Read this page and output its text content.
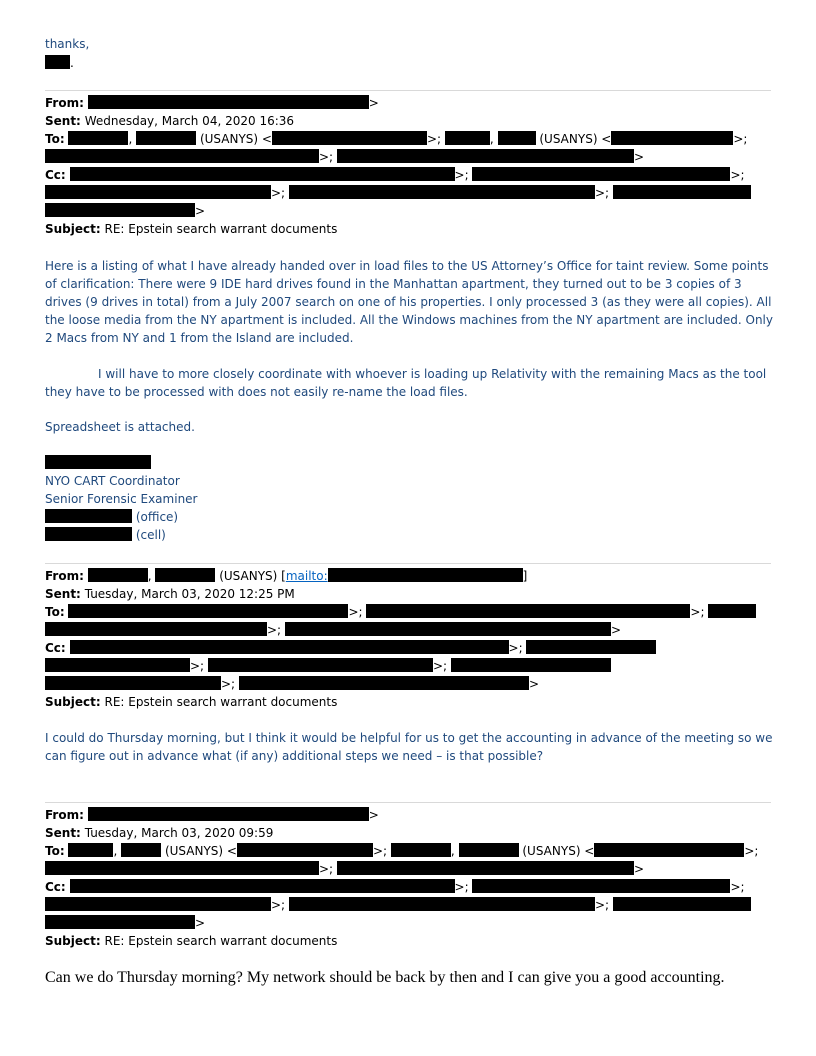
thanks,
.
From:	>
Sent: Wednesday, March 04, 2020 16:36
To:	,	(USANYS) <	>;	,	(USANYS) <	>;
>;	>
Cc:	>;	>;
>;	>;
>
Subject: RE: Epstein search warrant documents
Here is a listing of what I have already handed over in load files to the US Attorney’s Office for taint review. Some points of clarification: There were 9 IDE hard drives found in the Manhattan apartment, they turned out to be 3 copies of 3 drives (9 drives in total) from a July 2007 search on one of his properties. I only processed 3 (as they were all copies). All the loose media from the NY apartment is included. All the Windows machines from the NY apartment are included. Only 2 Macs from NY and 1 from the Island are included.
I will have to more closely coordinate with whoever is loading up Relativity with the remaining Macs as the tool they have to be processed with does not easily re-name the load files.
Spreadsheet is attached.
NYO CART Coordinator
Senior Forensic Examiner
(office)
(cell)
From:	,	(USANYS) [mailto:	]
Sent: Tuesday, March 03, 2020 12:25 PM
To:	>;	>;
>;	>
Cc:	>;
>;	>;
>;	>
Subject: RE: Epstein search warrant documents
I could do Thursday morning, but I think it would be helpful for us to get the accounting in advance of the meeting so we can figure out in advance what (if any) additional steps we need – is that possible?
From:	>
Sent: Tuesday, March 03, 2020 09:59
To:	,	(USANYS) <	>;	,	(USANYS) <	>;
>;	>
Cc:	>;	>;
>;	>;
>
Subject: RE: Epstein search warrant documents
Can we do Thursday morning? My network should be back by then and I can give you a good accounting.
